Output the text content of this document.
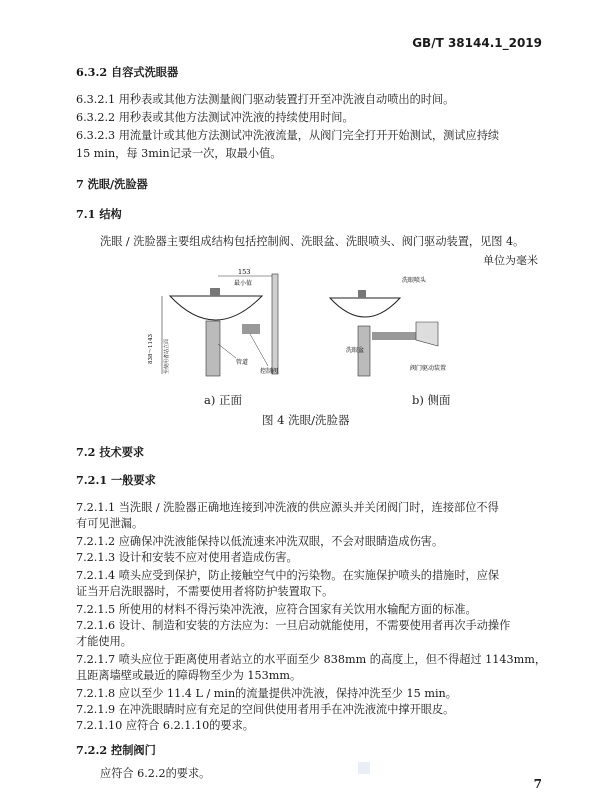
GB/T 38144.1_2019
6.3.2 自容式洗眼器
6.3.2.1 用秒表或其他方法测量阀门驱动装置打开至冲洗液自动喷出的时间。
6.3.2.2 用秒表或其他方法测试冲洗液的持续使用时间。
6.3.2.3 用流量计或其他方法测试冲洗液流量，从阀门完全打开开始测试，测试应持续
15 min，每 3min记录一次，取最小值。
7 洗眼/洗脸器
7.1 结构
洗眼 / 洗脸器主要组成结构包括控制阀、洗眼盆、洗眼喷头、阀门驱动装置，见图 4。
单位为毫米
153
最小值
838～1143 至使用者站立面	管道
控制阀
洗眼喷头
洗眼盆
阀门驱动装置
a) 正面	b) 侧面
图 4 洗眼/洗脸器
7.2 技术要求
7.2.1 一般要求
7.2.1.1 当洗眼 / 洗脸器正确地连接到冲洗液的供应源头并关闭阀门时，连接部位不得
有可见泄漏。
7.2.1.2 应确保冲洗液能保持以低流速来冲洗双眼，不会对眼睛造成伤害。
7.2.1.3 设计和安装不应对使用者造成伤害。
7.2.1.4 喷头应受到保护，防止接触空气中的污染物。在实施保护喷头的措施时，应保
证当开启洗眼器时，不需要使用者将防护装置取下。
7.2.1.5 所使用的材料不得污染冲洗液，应符合国家有关饮用水输配方面的标准。
7.2.1.6 设计、制造和安装的方法应为：一旦启动就能使用，不需要使用者再次手动操作
才能使用。
7.2.1.7 喷头应位于距离使用者站立的水平面至少 838mm 的高度上，但不得超过 1143mm，
且距离墙壁或最近的障碍物至少为 153mm。
7.2.1.8 应以至少 11.4 L / min的流量提供冲洗液，保持冲洗至少 15 min。
7.2.1.9 在冲洗眼睛时应有充足的空间供使用者用手在冲洗液流中撑开眼皮。
7.2.1.10 应符合 6.2.1.10的要求。
7.2.2 控制阀门
应符合 6.2.2的要求。
7
